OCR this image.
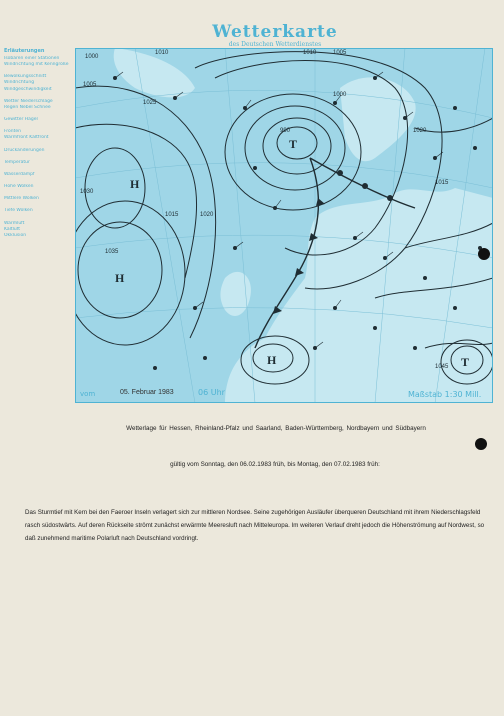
Wetterkarte
des Deutschen Wetterdienstes
Erläuterungen
Isobaren einer Stationen
Windrichtung mit Kenngröße

Bewölkungsschnitt
Windrichtung
Windgeschwindigkeit

Wetter Niederschläge
Regen Nebel Schnee

Gewitter Hagel

Fronten
Warmfront Kaltfront

Druckänderungen

Temperatur

Wasserdampf

Hohe Wolken

Mittlere Wolken

Tiefe Wolken

Warmluft
Kaltluft
Okklusion
1000
1005
1010	1010	1005
1000
990
1030
1035
1025
1020
1015
1020
1015
1045
H
H
T
H	T
vom	05. Februar 1983	06 Uhr	Maßstab 1:30 Mill.
Wetterlage für Hessen, Rheinland-Pfalz und Saarland, Baden-Württemberg, Nordbayern und Südbayern
gültig vom Sonntag, den 06.02.1983 früh, bis Montag, den 07.02.1983 früh:
Das Sturmtief mit Kern bei den Faeroer Inseln verlagert sich zur mittleren Nordsee. Seine zugehörigen Ausläufer überqueren Deutschland mit ihrem Niederschlagsfeld rasch südostwärts. Auf deren Rückseite strömt zunächst erwärmte Meeresluft nach Mitteleuropa. Im weiteren Verlauf dreht jedoch die Höhenströmung auf Nordwest, so daß zunehmend maritime Polarluft nach Deutschland vordringt.
